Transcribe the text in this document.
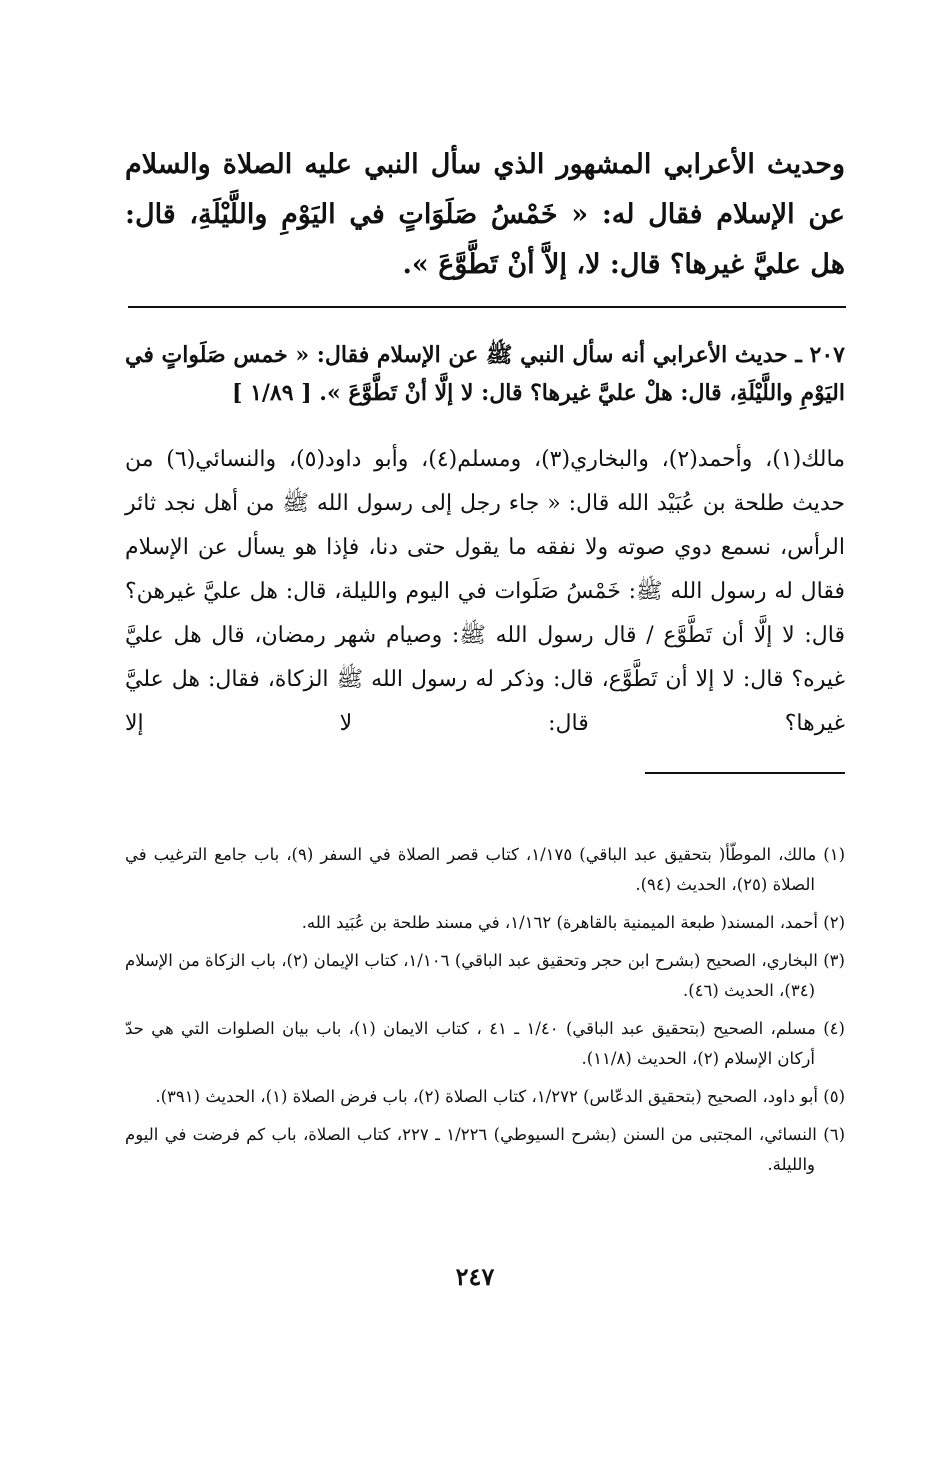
وحديث الأعرابي المشهور الذي سأل النبي عليه الصلاة والسلام عن الإسلام فقال له: « خَمْسُ صَلَوَاتٍ في اليَوْمِ واللَّيْلَةِ، قال: هل عليَّ غيرها؟ قال: لا، إلاَّ أنْ تَطَّوَّعَ ».

٢٠٧ ـ حديث الأعرابي أنه سأل النبي ﷺ عن الإسلام فقال: « خمس صَلَواتٍ في اليَوْمِ واللَّيْلَةِ، قال: هلْ عليَّ غيرها؟ قال: لا إلَّا أنْ تَطَّوَّعَ ». [ ١/٨٩ ]

مالك(١)، وأحمد(٢)، والبخاري(٣)، ومسلم(٤)، وأبو داود(٥)، والنسائي(٦) من حديث طلحة بن عُبَيْد الله قال: « جاء رجل إلى رسول الله ﷺ من أهل نجد ثائر الرأس، نسمع دوي صوته ولا نفقه ما يقول حتى دنا، فإذا هو يسأل عن الإسلام فقال له رسول الله ﷺ: خَمْسُ صَلَوات في اليوم والليلة، قال: هل عليَّ غيرهن؟ قال: لا إلَّا أن تَطَّوَّع / قال رسول الله ﷺ: وصيام شهر رمضان، قال هل عليَّ غيره؟ قال: لا إلا أن تَطَّوَّع، قال: وذكر له رسول الله ﷺ الزكاة، فقال: هل عليَّ غيرها؟ قال: لا إلا

(١) مالك، الموطّأ( بتحقيق عبد الباقي) ١/١٧٥، كتاب قصر الصلاة في السفر (٩)، باب جامع الترغيب في الصلاة (٢٥)، الحديث (٩٤).
(٢) أحمد، المسند( طبعة الميمنية بالقاهرة) ١/١٦٢، في مسند طلحة بن عُبَيد الله.
(٣) البخاري، الصحيح (بشرح ابن حجر وتحقيق عبد الباقي) ١/١٠٦، كتاب الإيمان (٢)، باب الزكاة من الإسلام (٣٤)، الحديث (٤٦).
(٤) مسلم، الصحيح (بتحقيق عبد الباقي) ١/٤٠ ـ ٤١ ، كتاب الايمان (١)، باب بيان الصلوات التي هي حدّ أركان الإسلام (٢)، الحديث (١١/٨).
(٥) أبو داود، الصحيح (بتحقيق الدعّاس) ١/٢٧٢، كتاب الصلاة (٢)، باب فرض الصلاة (١)، الحديث (٣٩١).
(٦) النسائي، المجتبى من السنن (بشرح السيوطي) ١/٢٢٦ ـ ٢٢٧، كتاب الصلاة، باب كم فرضت في اليوم والليلة.
٢٤٧
